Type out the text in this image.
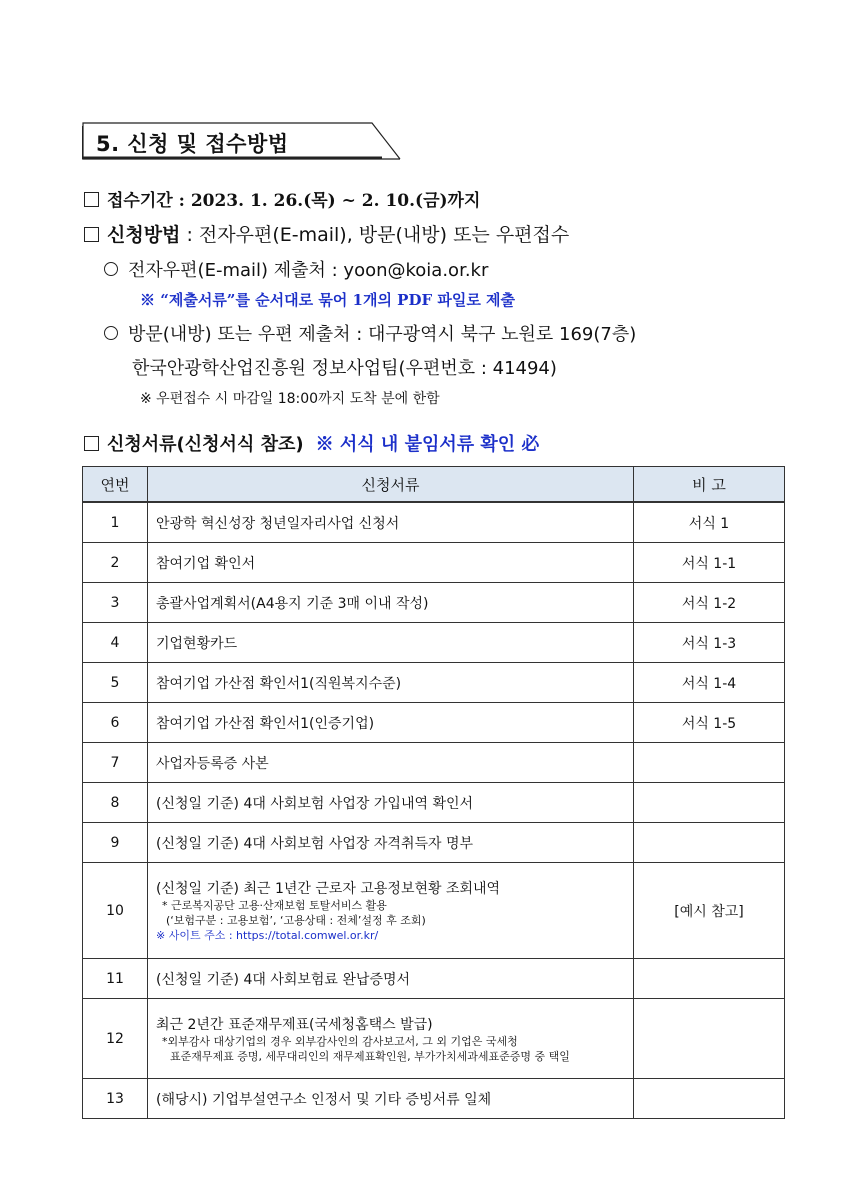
5. 신청 및 접수방법
접수기간 : 2023. 1. 26.(목) ~ 2. 10.(금)까지
신청방법 : 전자우편(E-mail), 방문(내방) 또는 우편접수
전자우편(E-mail) 제출처 : yoon@koia.or.kr
※ “제출서류”를 순서대로 묶어 1개의 PDF 파일로 제출
방문(내방) 또는 우편 제출처 : 대구광역시 북구 노원로 169(7층)
한국안광학산업진흥원 정보사업팀(우편번호 : 41494)
※ 우편접수 시 마감일 18:00까지 도착 분에 한함
신청서류(신청서식 참조) ※ 서식 내 붙임서류 확인 必
연번	신청서류	비 고
1	안광학 혁신성장 청년일자리사업 신청서	서식 1
2	참여기업 확인서	서식 1-1
3	총괄사업계획서(A4용지 기준 3매 이내 작성)	서식 1-2
4	기업현황카드	서식 1-3
5	참여기업 가산점 확인서1(직원복지수준)	서식 1-4
6	참여기업 가산점 확인서1(인증기업)	서식 1-5
7	사업자등록증 사본	
8	(신청일 기준) 4대 사회보험 사업장 가입내역 확인서	
9	(신청일 기준) 4대 사회보험 사업장 자격취득자 명부	
10	(신청일 기준) 최근 1년간 근로자 고용정보현황 조회내역
* 근로복지공단 고용·산재보험 토탈서비스 활용
(‘보험구분 : 고용보험’, ‘고용상태 : 전체’설정 후 조회)
※ 사이트 주소 : https://total.comwel.or.kr/	[예시 참고]
11	(신청일 기준) 4대 사회보험료 완납증명서	
12	최근 2년간 표준재무제표(국세청홈택스 발급)
*외부감사 대상기업의 경우 외부감사인의 감사보고서, 그 외 기업은 국세청
표준재무제표 증명, 세무대리인의 재무제표확인원, 부가가치세과세표준증명 중 택일	

13	(해당시) 기업부설연구소 인정서 및 기타 증빙서류 일체	
